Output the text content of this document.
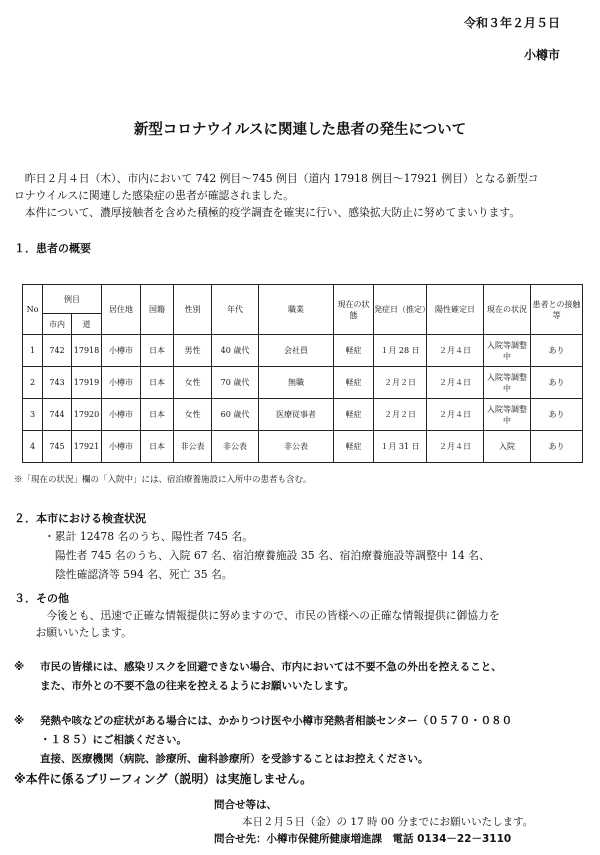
令和３年２月５日
小樽市
新型コロナウイルスに関連した患者の発生について

昨日２月４日（木）、市内において 742 例目～745 例目（道内 17918 例目～17921 例目）となる新型コ

ロナウイルスに関連した感染症の患者が確認されました。

本件について、濃厚接触者を含めた積極的疫学調査を確実に行い、感染拡大防止に努めてまいります。

１．患者の概要
No	例目		居住地	国籍	性別	年代	職業	現在の状態	発症日（推定）	陽性確定日	現在の状況	患者との接触等
	市内	道										
1	742	17918	小樽市	日本	男性	40 歳代	会社員	軽症	１月 28 日	２月４日	入院等調整中	あり
2	743	17919	小樽市	日本	女性	70 歳代	無職	軽症	２月２日	２月４日	入院等調整中	あり
3	744	17920	小樽市	日本	女性	60 歳代	医療従事者	軽症	２月２日	２月４日	入院等調整中	あり
4	745	17921	小樽市	日本	非公表	非公表	非公表	軽症	１月 31 日	２月４日	入院	あり
※「現在の状況」欄の「入院中」には、宿泊療養施設に入所中の患者も含む。
２．本市における検査状況
・累計 12478 名のうち、陽性者 745 名。
陽性者 745 名のうち、入院 67 名、宿泊療養施設 35 名、宿泊療養施設等調整中 14 名、
陰性確認済等 594 名、死亡 35 名。
３．その他

今後とも、迅速で正確な情報提供に努めますので、市民の皆様への正確な情報提供に御協力を

お願いいたします。

※ 市民の皆様には、感染リスクを回避できない場合、市内においては不要不急の外出を控えること、
また、市外との不要不急の往来を控えるようにお願いいたします。
※ 発熱や咳などの症状がある場合には、かかりつけ医や小樽市発熱者相談センター（０５７０・０８０
・１８５）にご相談ください。
直接、医療機関（病院、診療所、歯科診療所）を受診することはお控えください。
※本件に係るブリーフィング（説明）は実施しません。
問合せ等は、
本日２月５日（金）の 17 時 00 分までにお願いいたします。
問合せ先：小樽市保健所健康増進課　電話 0134－22－3110
